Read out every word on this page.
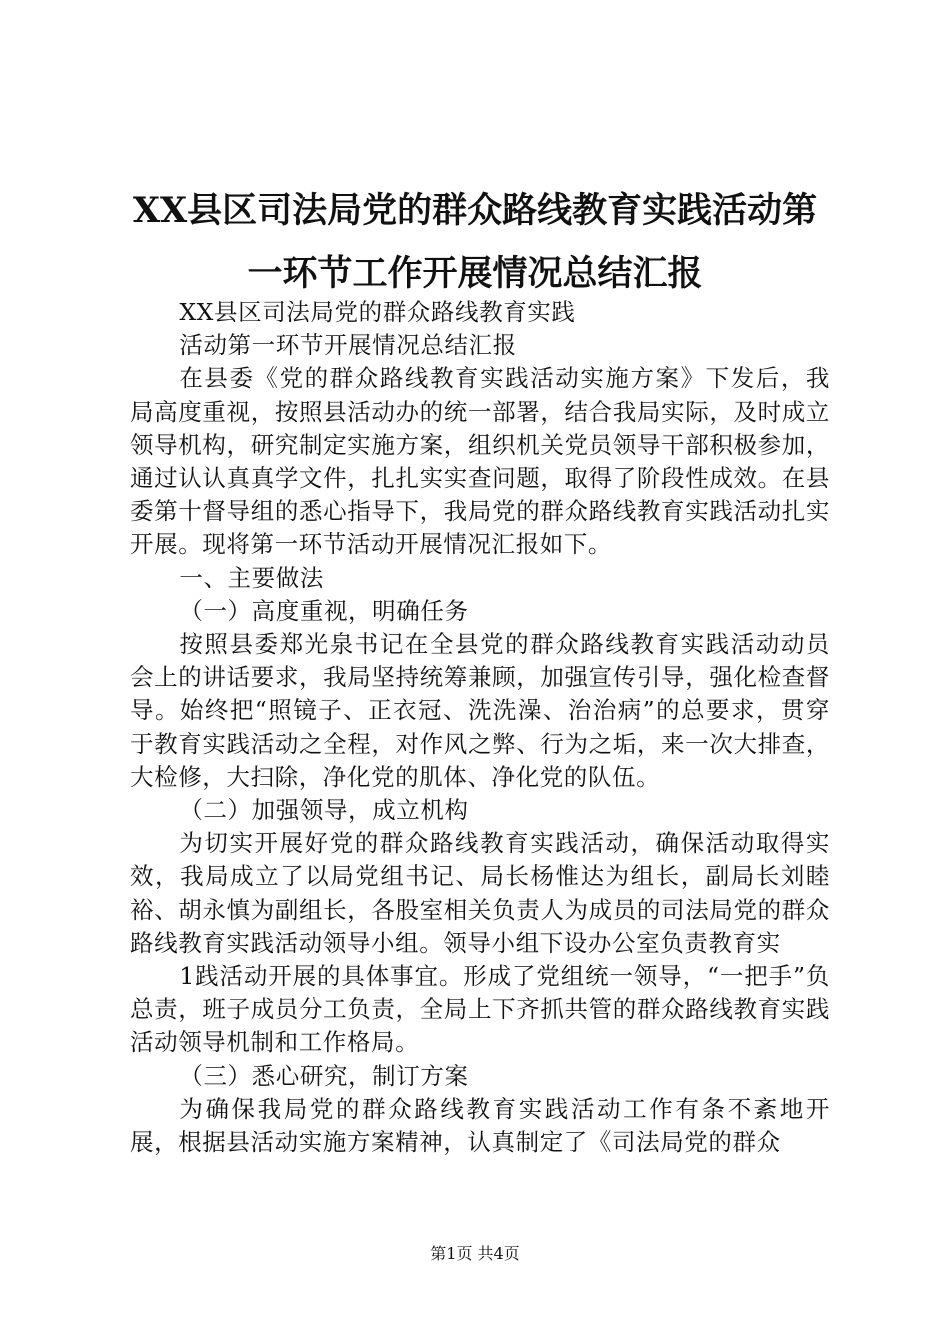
XX县区司法局党的群众路线教育实践活动第
一环节工作开展情况总结汇报

XX县区司法局党的群众路线教育实践

活动第一环节开展情况总结汇报

在县委《党的群众路线教育实践活动实施方案》下发后，我局高度重视，按照县活动办的统一部署，结合我局实际，及时成立领导机构，研究制定实施方案，组织机关党员领导干部积极参加，通过认认真真学文件，扎扎实实查问题，取得了阶段性成效。在县委第十督导组的悉心指导下，我局党的群众路线教育实践活动扎实开展。现将第一环节活动开展情况汇报如下。

一、主要做法

（一）高度重视，明确任务

按照县委郑光泉书记在全县党的群众路线教育实践活动动员会上的讲话要求，我局坚持统筹兼顾，加强宣传引导，强化检查督导。始终把“照镜子、正衣冠、洗洗澡、治治病”的总要求，贯穿于教育实践活动之全程，对作风之弊、行为之垢，来一次大排查，大检修，大扫除，净化党的肌体、净化党的队伍。

（二）加强领导，成立机构

为切实开展好党的群众路线教育实践活动，确保活动取得实效，我局成立了以局党组书记、局长杨惟达为组长，副局长刘睦裕、胡永慎为副组长，各股室相关负责人为成员的司法局党的群众路线教育实践活动领导小组。领导小组下设办公室负责教育实

1践活动开展的具体事宜。形成了党组统一领导，“一把手”负总责，班子成员分工负责，全局上下齐抓共管的群众路线教育实践活动领导机制和工作格局。

（三）悉心研究，制订方案

为确保我局党的群众路线教育实践活动工作有条不紊地开展，根据县活动实施方案精神，认真制定了《司法局党的群众

第1页 共4页
